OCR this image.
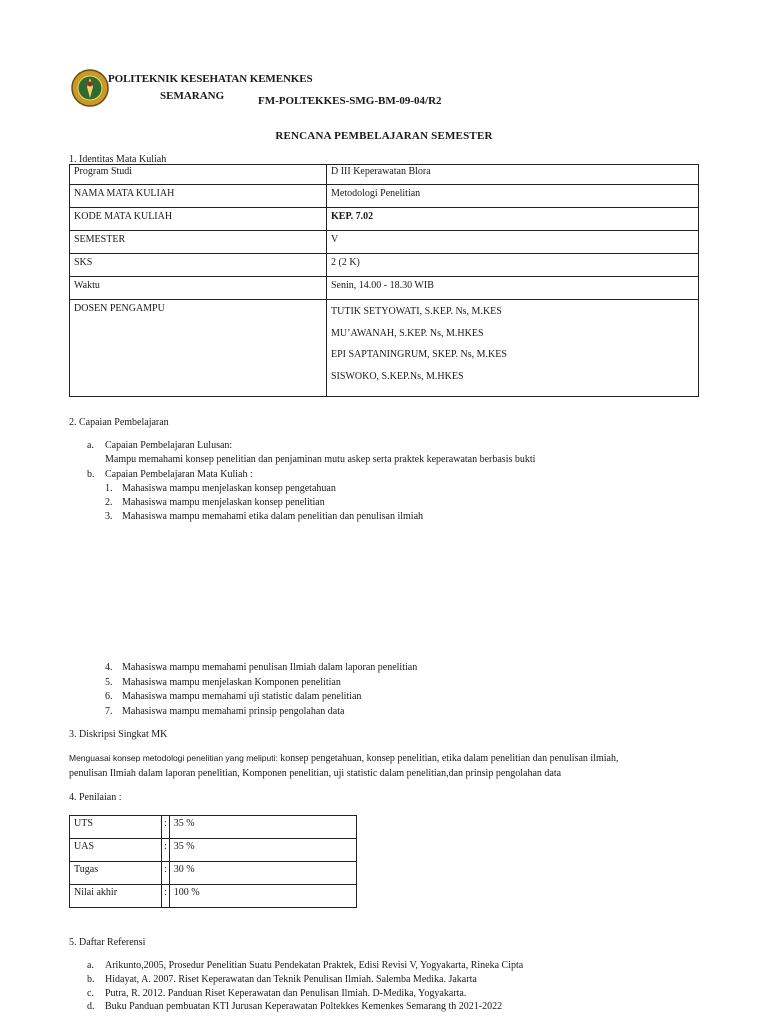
POLITEKNIK KESEHATAN KEMENKES
SEMARANG	FM-POLTEKKES-SMG-BM-09-04/R2
RENCANA PEMBELAJARAN SEMESTER
1. Identitas Mata Kuliah
Program Studi	D III Keperawatan Blora
NAMA MATA KULIAH	Metodologi Penelitian
KODE MATA KULIAH	KEP. 7.02
SEMESTER	V
SKS	2 (2 K)
Waktu	Senin, 14.00 - 18.30 WIB
DOSEN PENGAMPU	TUTIK SETYOWATI, S.KEP. Ns, M.KES
MU’AWANAH, S.KEP. Ns, M.HKES
EPI SAPTANINGRUM, SKEP. Ns, M.KES
SISWOKO, S.KEP.Ns, M.HKES
2. Capaian Pembelajaran
a. Capaian Pembelajaran Lulusan:
Mampu memahami konsep penelitian dan penjaminan mutu askep serta praktek keperawatan berbasis bukti
b. Capaian Pembelajaran Mata Kuliah :
1. Mahasiswa mampu menjelaskan konsep pengetahuan
2. Mahasiswa mampu menjelaskan konsep penelitian
3. Mahasiswa mampu memahami etika dalam penelitian dan penulisan ilmiah
4. Mahasiswa mampu memahami penulisan Ilmiah dalam laporan penelitian
5. Mahasiswa mampu menjelaskan Komponen penelitian
6. Mahasiswa mampu memahami uji statistic dalam penelitian
7. Mahasiswa mampu memahami prinsip pengolahan data
3. Diskripsi Singkat MK
Menguasai konsep metodologi penelitian yang meliputi: konsep pengetahuan, konsep penelitian, etika dalam penelitian dan penulisan ilmiah,
penulisan Ilmiah dalam laporan penelitian, Komponen penelitian, uji statistic dalam penelitian,dan prinsip pengolahan data
4. Penilaian :
UTS	:	35 %
UAS	:	35 %
Tugas	:	30 %
Nilai akhir	:	100 %
5. Daftar Referensi
a. Arikunto,2005, Prosedur Penelitian Suatu Pendekatan Praktek, Edisi Revisi V, Yogyakarta, Rineka Cipta
b. Hidayat, A. 2007. Riset Keperawatan dan Teknik Penulisan Ilmiah. Salemba Medika. Jakarta
c. Putra, R. 2012. Panduan Riset Keperawatan dan Penulisan Ilmiah. D-Medika, Yogyakarta.
d. Buku Panduan pembuatan KTI Jurusan Keperawatan Poltekkes Kemenkes Semarang th 2021-2022
